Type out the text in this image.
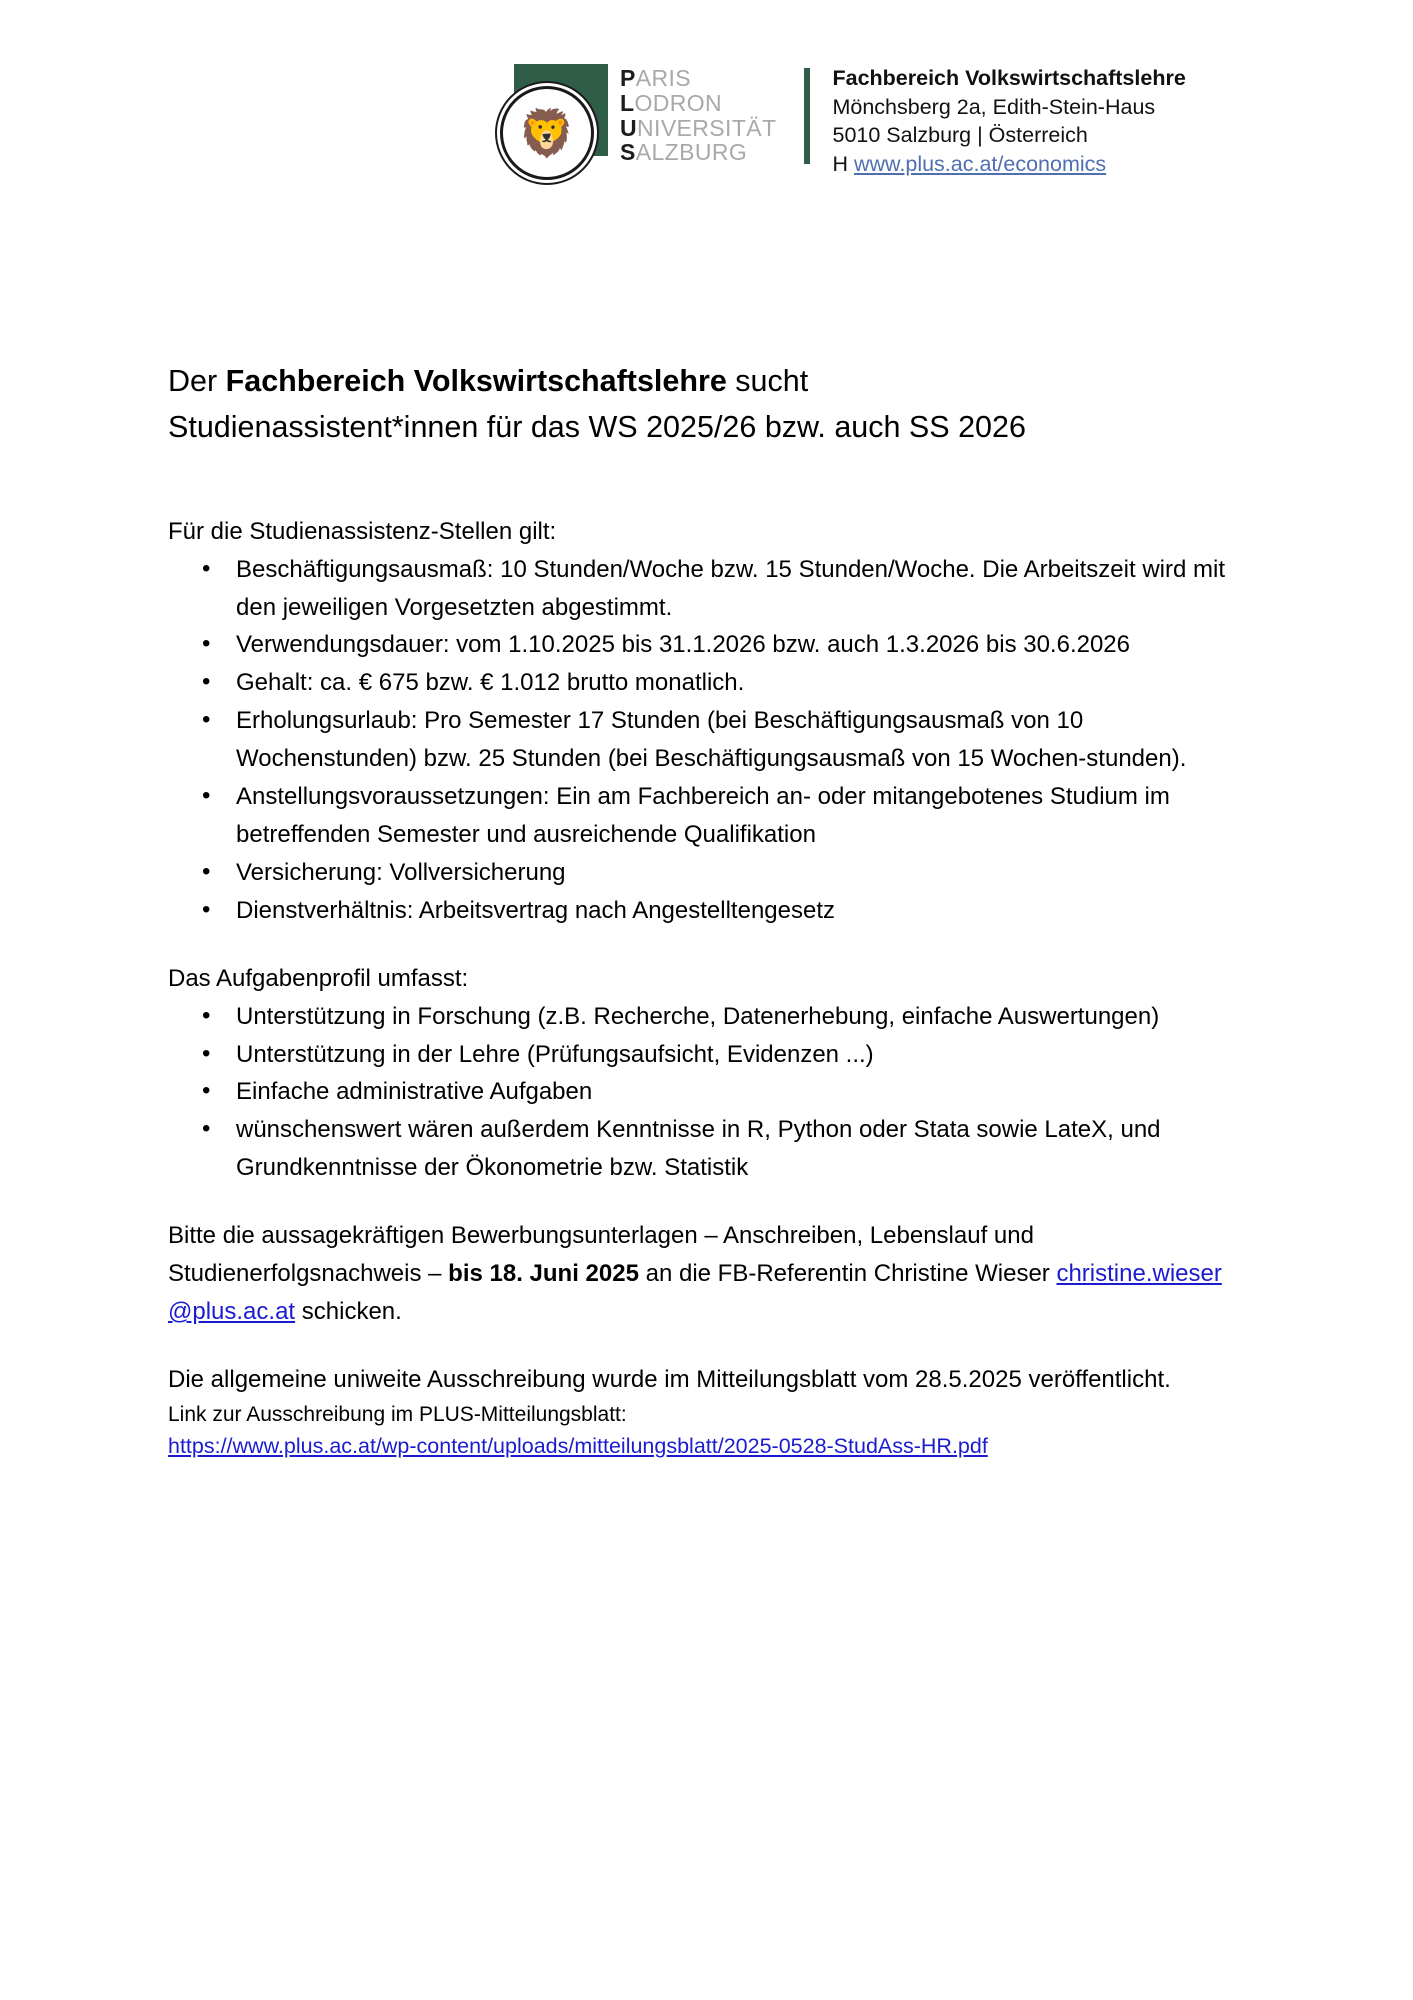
🦁
PARIS
LODRON
UNIVERSITÄT
SALZBURG
Fachbereich Volkswirtschaftslehre
Mönchsberg 2a, Edith-Stein-Haus
5010 Salzburg | Österreich
H www.plus.ac.at/economics
Der Fachbereich Volkswirtschaftslehre sucht
Studienassistent*innen für das WS 2025/26 bzw. auch SS 2026

Für die Studienassistenz-Stellen gilt:

• Beschäftigungsausmaß: 10 Stunden/Woche bzw. 15 Stunden/Woche. Die Arbeitszeit wird mit den jeweiligen Vorgesetzten abgestimmt.
• Verwendungsdauer: vom 1.10.2025 bis 31.1.2026 bzw. auch 1.3.2026 bis 30.6.2026
• Gehalt: ca. € 675 bzw. € 1.012 brutto monatlich.
• Erholungsurlaub: Pro Semester 17 Stunden (bei Beschäftigungsausmaß von 10 Wochenstunden) bzw. 25 Stunden (bei Beschäftigungsausmaß von 15 Wochen-stunden).
• Anstellungsvoraussetzungen: Ein am Fachbereich an- oder mitangebotenes Studium im betreffenden Semester und ausreichende Qualifikation
• Versicherung: Vollversicherung
• Dienstverhältnis: Arbeitsvertrag nach Angestelltengesetz

Das Aufgabenprofil umfasst:

• Unterstützung in Forschung (z.B. Recherche, Datenerhebung, einfache Auswertungen)
• Unterstützung in der Lehre (Prüfungsaufsicht, Evidenzen ...)
• Einfache administrative Aufgaben
• wünschenswert wären außerdem Kenntnisse in R, Python oder Stata sowie LateX, und Grundkenntnisse der Ökonometrie bzw. Statistik

Bitte die aussagekräftigen Bewerbungsunterlagen – Anschreiben, Lebenslauf und Studienerfolgsnachweis – bis 18. Juni 2025 an die FB-Referentin Christine Wieser christine.wieser@plus.ac.at schicken.

Die allgemeine uniweite Ausschreibung wurde im Mitteilungsblatt vom 28.5.2025 veröffentlicht.

Link zur Ausschreibung im PLUS-Mitteilungsblatt:

https://www.plus.ac.at/wp-content/uploads/mitteilungsblatt/2025-0528-StudAss-HR.pdf
